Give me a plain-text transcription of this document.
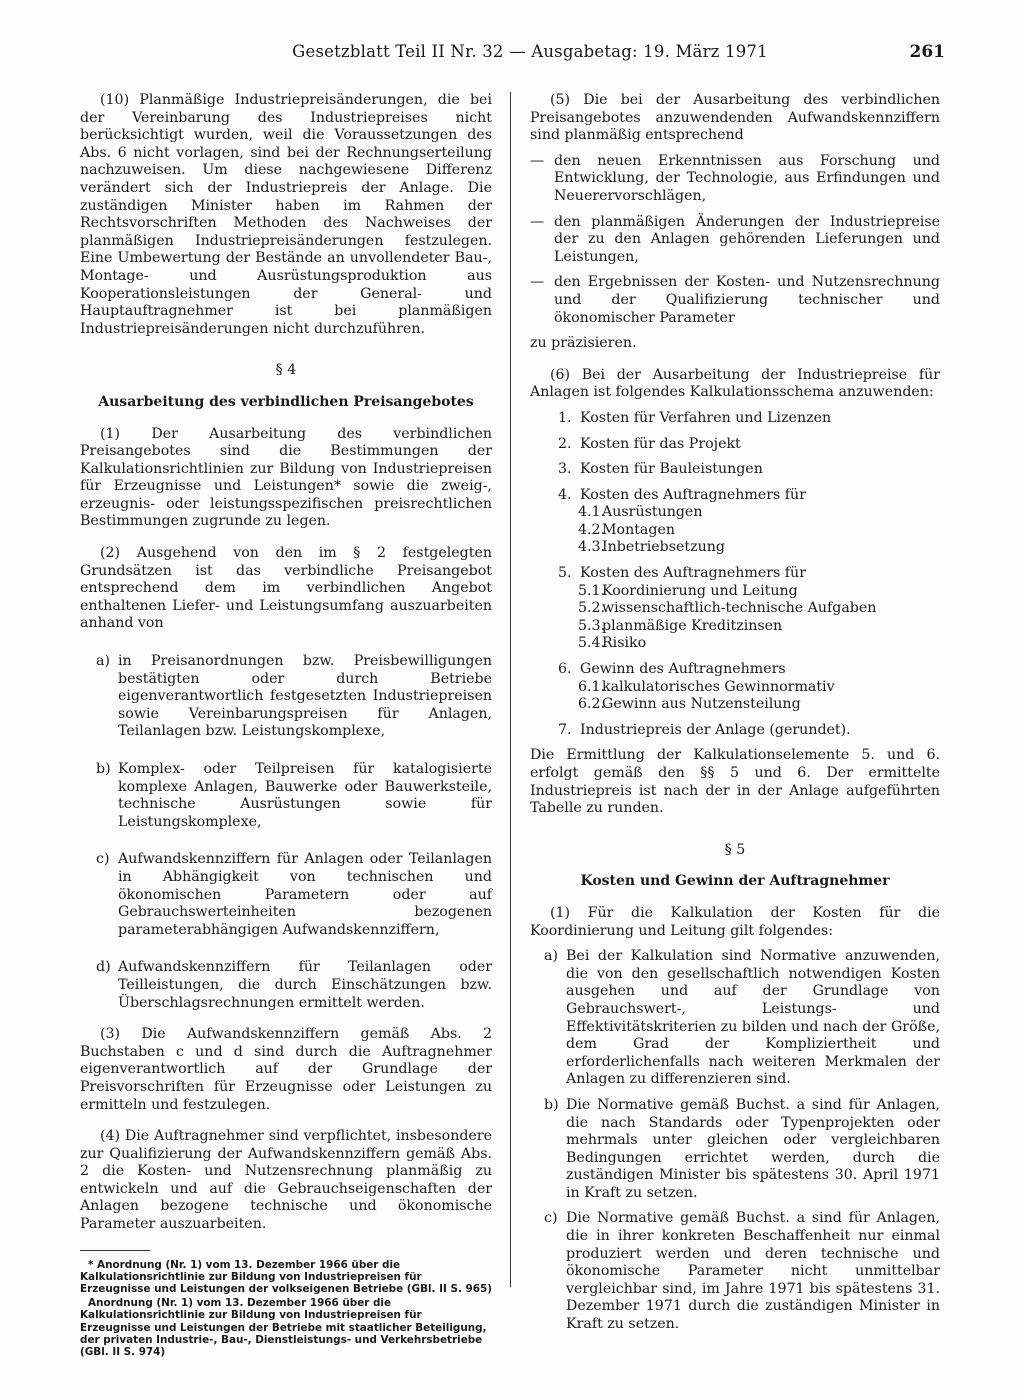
Gesetzblatt Teil II Nr. 32 — Ausgabetag: 19. März 1971	261

(10) Planmäßige Industriepreisänderungen, die bei der Vereinbarung des Industriepreises nicht berücksichtigt wurden, weil die Voraussetzungen des Abs. 6 nicht vorlagen, sind bei der Rechnungserteilung nachzuweisen. Um diese nachgewiesene Differenz verändert sich der Industriepreis der Anlage. Die zuständigen Minister haben im Rahmen der Rechtsvorschriften Methoden des Nachweises der planmäßigen Industriepreisänderungen festzulegen. Eine Umbewertung der Bestände an unvollendeter Bau-, Montage- und Ausrüstungsproduktion aus Kooperationsleistungen der General- und Hauptauftragnehmer ist bei planmäßigen Industriepreisänderungen nicht durchzuführen.

§ 4

Ausarbeitung des verbindlichen Preisangebotes

(1) Der Ausarbeitung des verbindlichen Preisangebotes sind die Bestimmungen der Kalkulationsrichtlinien zur Bildung von Industriepreisen für Erzeugnisse und Leistungen* sowie die zweig-, erzeugnis- oder leistungsspezifischen preisrechtlichen Bestimmungen zugrunde zu legen.

(2) Ausgehend von den im § 2 festgelegten Grundsätzen ist das verbindliche Preisangebot entsprechend dem im verbindlichen Angebot enthaltenen Liefer- und Leistungsumfang auszuarbeiten anhand von

a) in Preisanordnungen bzw. Preisbewilligungen bestätigten oder durch Betriebe eigenverantwortlich festgesetzten Industriepreisen sowie Vereinbarungspreisen für Anlagen, Teilanlagen bzw. Leistungskomplexe,
b) Komplex- oder Teilpreisen für katalogisierte komplexe Anlagen, Bauwerke oder Bauwerksteile, technische Ausrüstungen sowie für Leistungskomplexe,
c) Aufwandskennziffern für Anlagen oder Teilanlagen in Abhängigkeit von technischen und ökonomischen Parametern oder auf Gebrauchswerteinheiten bezogenen parameterabhängigen Aufwandskennziffern,
d) Aufwandskennziffern für Teilanlagen oder Teilleistungen, die durch Einschätzungen bzw. Überschlagsrechnungen ermittelt werden.

(3) Die Aufwandskennziffern gemäß Abs. 2 Buchstaben c und d sind durch die Auftragnehmer eigenverantwortlich auf der Grundlage der Preisvorschriften für Erzeugnisse oder Leistungen zu ermitteln und festzulegen.

(4) Die Auftragnehmer sind verpflichtet, insbesondere zur Qualifizierung der Aufwandskennziffern gemäß Abs. 2 die Kosten- und Nutzensrechnung planmäßig zu entwickeln und auf die Gebrauchseigenschaften der Anlagen bezogene technische und ökonomische Parameter auszuarbeiten.

* Anordnung (Nr. 1) vom 13. Dezember 1966 über die Kalkulationsrichtlinie zur Bildung von Industriepreisen für Erzeugnisse und Leistungen der volkseigenen Betriebe (GBl. II S. 965)

Anordnung (Nr. 1) vom 13. Dezember 1966 über die Kalkulationsrichtlinie zur Bildung von Industriepreisen für Erzeugnisse und Leistungen der Betriebe mit staatlicher Beteiligung, der privaten Industrie-, Bau-, Dienstleistungs- und Verkehrsbetriebe (GBl. II S. 974)

(5) Die bei der Ausarbeitung des verbindlichen Preisangebotes anzuwendenden Aufwandskennziffern sind planmäßig entsprechend

— den neuen Erkenntnissen aus Forschung und Entwicklung, der Technologie, aus Erfindungen und Neuerervorschlägen,
— den planmäßigen Änderungen der Industriepreise der zu den Anlagen gehörenden Lieferungen und Leistungen,
— den Ergebnissen der Kosten- und Nutzensrechnung und der Qualifizierung technischer und ökonomischer Parameter

zu präzisieren.

(6) Bei der Ausarbeitung der Industriepreise für Anlagen ist folgendes Kalkulationsschema anzuwenden:

1. Kosten für Verfahren und Lizenzen
2. Kosten für das Projekt
3. Kosten für Bauleistungen
4. Kosten des Auftragnehmers für
4.1.
Ausrüstungen
4.2.
Montagen
4.3.
Inbetriebsetzung
5. Kosten des Auftragnehmers für
5.1.
Koordinierung und Leitung
5.2.
wissenschaftlich-technische Aufgaben
5.3.
planmäßige Kreditzinsen
5.4.
Risiko
6. Gewinn des Auftragnehmers
6.1.
kalkulatorisches Gewinnormativ
6.2.
Gewinn aus Nutzensteilung
7. Industriepreis der Anlage (gerundet).

Die Ermittlung der Kalkulationselemente 5. und 6. erfolgt gemäß den §§ 5 und 6. Der ermittelte Industriepreis ist nach der in der Anlage aufgeführten Tabelle zu runden.

§ 5

Kosten und Gewinn der Auftragnehmer

(1) Für die Kalkulation der Kosten für die Koordinierung und Leitung gilt folgendes:

a) Bei der Kalkulation sind Normative anzuwenden, die von den gesellschaftlich notwendigen Kosten ausgehen und auf der Grundlage von Gebrauchswert-, Leistungs- und Effektivitätskriterien zu bilden und nach der Größe, dem Grad der Kompliziertheit und erforderlichenfalls nach weiteren Merkmalen der Anlagen zu differenzieren sind.
b) Die Normative gemäß Buchst. a sind für Anlagen, die nach Standards oder Typenprojekten oder mehrmals unter gleichen oder vergleichbaren Bedingungen errichtet werden, durch die zuständigen Minister bis spätestens 30. April 1971 in Kraft zu setzen.
c) Die Normative gemäß Buchst. a sind für Anlagen, die in ihrer konkreten Beschaffenheit nur einmal produziert werden und deren technische und ökonomische Parameter nicht unmittelbar vergleichbar sind, im Jahre 1971 bis spätestens 31. Dezember 1971 durch die zuständigen Minister in Kraft zu setzen.
